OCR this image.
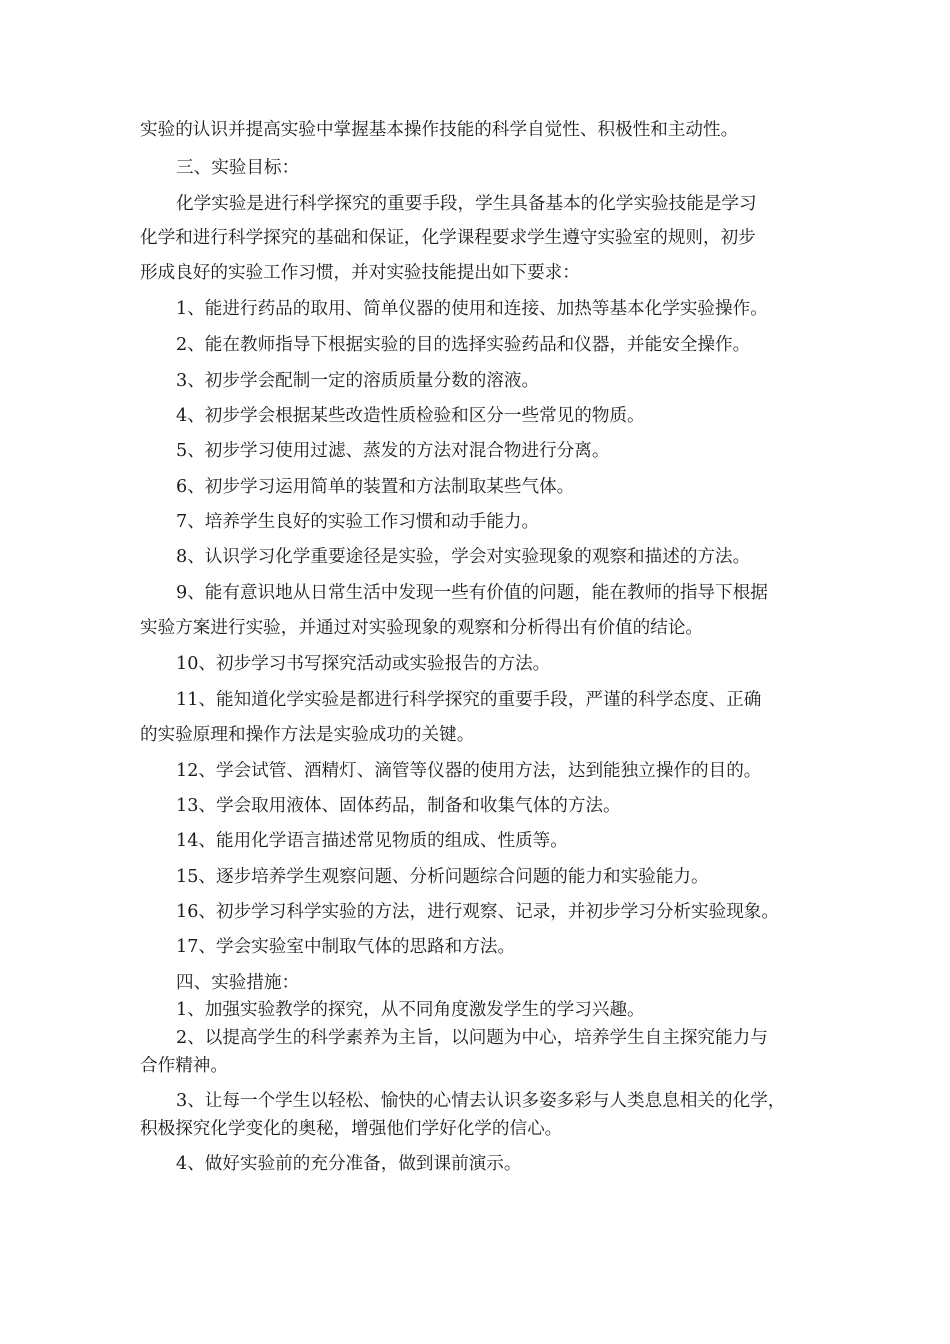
实验的认识并提高实验中掌握基本操作技能的科学自觉性、积极性和主动性。

三、实验目标：

化学实验是进行科学探究的重要手段，学生具备基本的化学实验技能是学习

化学和进行科学探究的基础和保证，化学课程要求学生遵守实验室的规则，初步

形成良好的实验工作习惯，并对实验技能提出如下要求：

1、能进行药品的取用、简单仪器的使用和连接、加热等基本化学实验操作。

2、能在教师指导下根据实验的目的选择实验药品和仪器，并能安全操作。

3、初步学会配制一定的溶质质量分数的溶液。

4、初步学会根据某些改造性质检验和区分一些常见的物质。

5、初步学习使用过滤、蒸发的方法对混合物进行分离。

6、初步学习运用简单的装置和方法制取某些气体。

7、培养学生良好的实验工作习惯和动手能力。

8、认识学习化学重要途径是实验，学会对实验现象的观察和描述的方法。

9、能有意识地从日常生活中发现一些有价值的问题，能在教师的指导下根据

实验方案进行实验，并通过对实验现象的观察和分析得出有价值的结论。

10、初步学习书写探究活动或实验报告的方法。

11、能知道化学实验是都进行科学探究的重要手段，严谨的科学态度、正确

的实验原理和操作方法是实验成功的关键。

12、学会试管、酒精灯、滴管等仪器的使用方法，达到能独立操作的目的。

13、学会取用液体、固体药品，制备和收集气体的方法。

14、能用化学语言描述常见物质的组成、性质等。

15、逐步培养学生观察问题、分析问题综合问题的能力和实验能力。

16、初步学习科学实验的方法，进行观察、记录，并初步学习分析实验现象。

17、学会实验室中制取气体的思路和方法。

四、实验措施：

1、加强实验教学的探究，从不同角度激发学生的学习兴趣。

2、以提高学生的科学素养为主旨，以问题为中心，培养学生自主探究能力与

合作精神。

3、让每一个学生以轻松、愉快的心情去认识多姿多彩与人类息息相关的化学，

积极探究化学变化的奥秘，增强他们学好化学的信心。

4、做好实验前的充分准备，做到课前演示。
